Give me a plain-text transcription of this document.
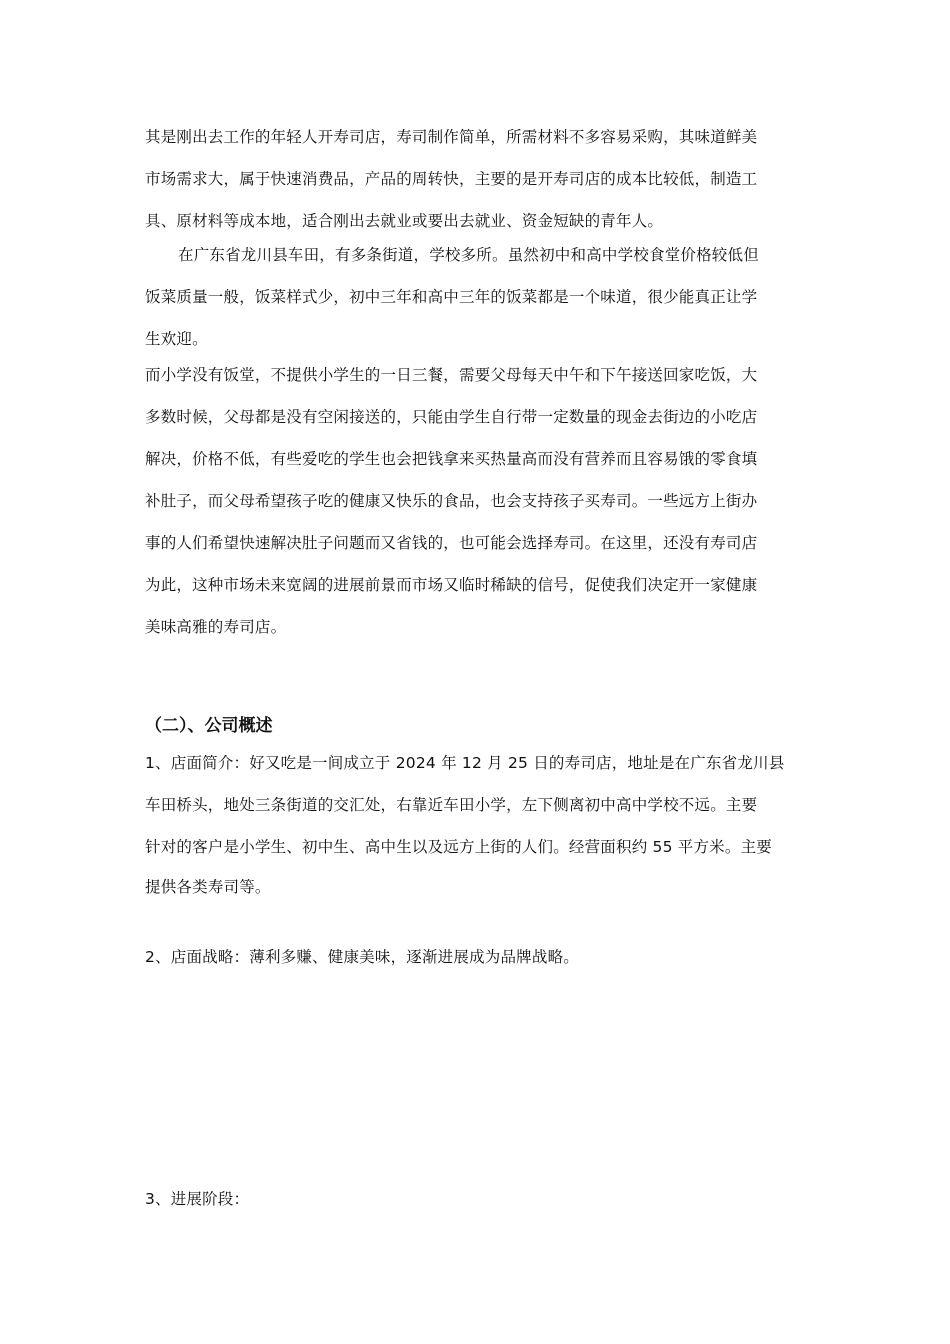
其是刚出去工作的年轻人开寿司店，寿司制作简单，所需材料不多容易采购，其味道鲜美
市场需求大，属于快速消费品，产品的周转快，主要的是开寿司店的成本比较低，制造工
具、原材料等成本地，适合刚出去就业或要出去就业、资金短缺的青年人。
在广东省龙川县车田，有多条街道，学校多所。虽然初中和高中学校食堂价格较低但
饭菜质量一般，饭菜样式少，初中三年和高中三年的饭菜都是一个味道，很少能真正让学
生欢迎。
而小学没有饭堂，不提供小学生的一日三餐，需要父母每天中午和下午接送回家吃饭，大
多数时候，父母都是没有空闲接送的，只能由学生自行带一定数量的现金去街边的小吃店
解决，价格不低，有些爱吃的学生也会把钱拿来买热量高而没有营养而且容易饿的零食填
补肚子，而父母希望孩子吃的健康又快乐的食品，也会支持孩子买寿司。一些远方上街办
事的人们希望快速解决肚子问题而又省钱的，也可能会选择寿司。在这里，还没有寿司店
为此，这种市场未来宽阔的进展前景而市场又临时稀缺的信号，促使我们决定开一家健康
美味高雅的寿司店。
（二）、公司概述
1、店面简介：好又吃是一间成立于 2024 年 12 月 25 日的寿司店，地址是在广东省龙川县
车田桥头，地处三条街道的交汇处，右靠近车田小学，左下侧离初中高中学校不远。主要
针对的客户是小学生、初中生、高中生以及远方上街的人们。经营面积约 55 平方米。主要
提供各类寿司等。
2、店面战略：薄利多赚、健康美味，逐渐进展成为品牌战略。
3、进展阶段：
